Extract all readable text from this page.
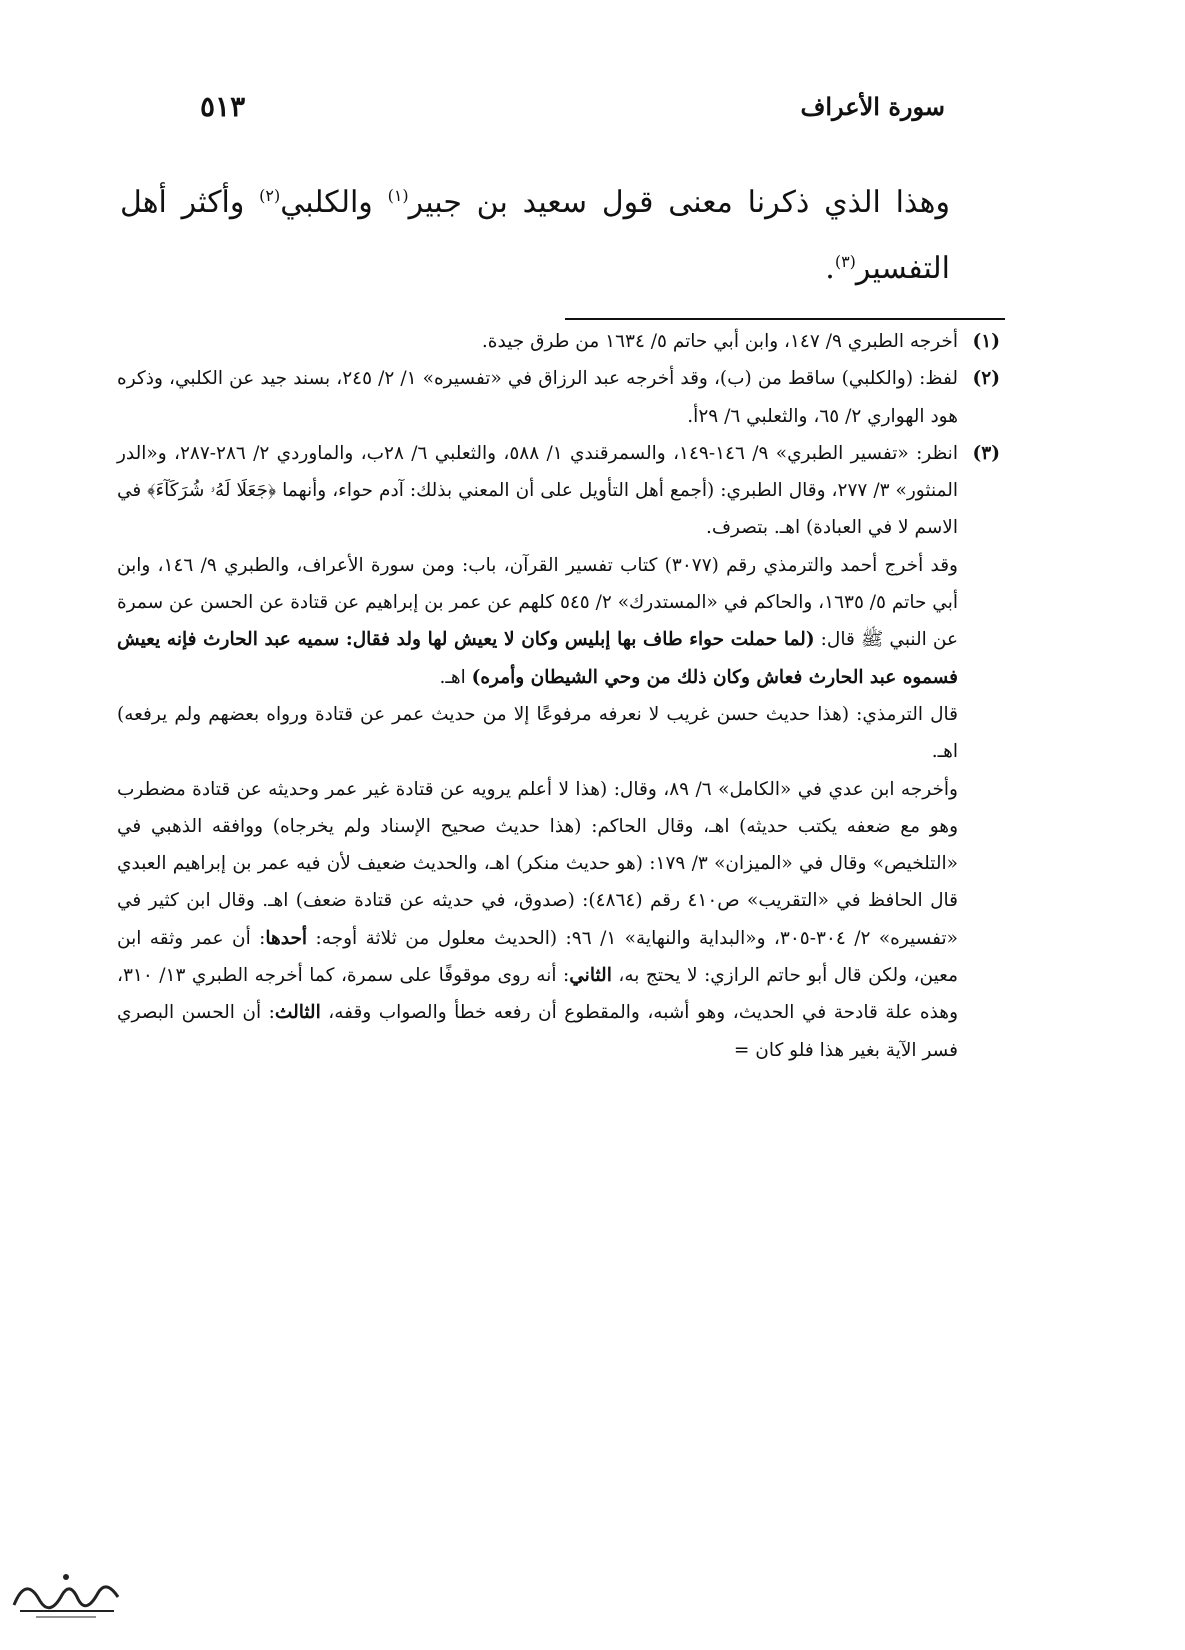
سورة الأعراف
٥١٣
وهذا الذي ذكرنا معنى قول سعيد بن جبير$^{(١)}$ والكلبي$^{(٢)}$ وأكثر أهل التفسير$^{(٣)}$.
(١)
أخرجه الطبري ٩/ ١٤٧، وابن أبي حاتم ٥/ ١٦٣٤ من طرق جيدة.
(٢)
لفظ: (والكلبي) ساقط من (ب)، وقد أخرجه عبد الرزاق في «تفسيره» ١/ ٢/ ٢٤٥، بسند جيد عن الكلبي، وذكره هود الهواري ٢/ ٦٥، والثعلبي ٦/ ٢٩أ.
(٣)

انظر: «تفسير الطبري» ٩/ ١٤٦-١٤٩، والسمرقندي ١/ ٥٨٨، والثعلبي ٦/ ٢٨ب، والماوردي ٢/ ٢٨٦-٢٨٧، و«الدر المنثور» ٣/ ٢٧٧، وقال الطبري: (أجمع أهل التأويل على أن المعني بذلك: آدم حواء، وأنهما ﴿جَعَلَا لَهُۥ شُرَكَآءَ﴾ في الاسم لا في العبادة) اهـ. بتصرف.

وقد أخرج أحمد والترمذي رقم (٣٠٧٧) كتاب تفسير القرآن، باب: ومن سورة الأعراف، والطبري ٩/ ١٤٦، وابن أبي حاتم ٥/ ١٦٣٥، والحاكم في «المستدرك» ٢/ ٥٤٥ كلهم عن عمر بن إبراهيم عن قتادة عن الحسن عن سمرة عن النبي ﷺ قال: (لما حملت حواء طاف بها إبليس وكان لا يعيش لها ولد فقال: سميه عبد الحارث فإنه يعيش فسموه عبد الحارث فعاش وكان ذلك من وحي الشيطان وأمره) اهـ.

قال الترمذي: (هذا حديث حسن غريب لا نعرفه مرفوعًا إلا من حديث عمر عن قتادة ورواه بعضهم ولم يرفعه) اهـ.

وأخرجه ابن عدي في «الكامل» ٦/ ٨٩، وقال: (هذا لا أعلم يرويه عن قتادة غير عمر وحديثه عن قتادة مضطرب وهو مع ضعفه يكتب حديثه) اهـ، وقال الحاكم: (هذا حديث صحيح الإسناد ولم يخرجاه) ووافقه الذهبي في «التلخيص» وقال في «الميزان» ٣/ ١٧٩: (هو حديث منكر) اهـ، والحديث ضعيف لأن فيه عمر بن إبراهيم العبدي قال الحافظ في «التقريب» ص٤١٠ رقم (٤٨٦٤): (صدوق، في حديثه عن قتادة ضعف) اهـ. وقال ابن كثير في «تفسيره» ٢/ ٣٠٤-٣٠٥، و«البداية والنهاية» ١/ ٩٦: (الحديث معلول من ثلاثة أوجه: أحدها: أن عمر وثقه ابن معين، ولكن قال أبو حاتم الرازي: لا يحتج به، الثاني: أنه روى موقوفًا على سمرة، كما أخرجه الطبري ١٣/ ٣١٠، وهذه علة قادحة في الحديث، وهو أشبه، والمقطوع أن رفعه خطأ والصواب وقفه، الثالث: أن الحسن البصري فسر الآية بغير هذا فلو كان =
